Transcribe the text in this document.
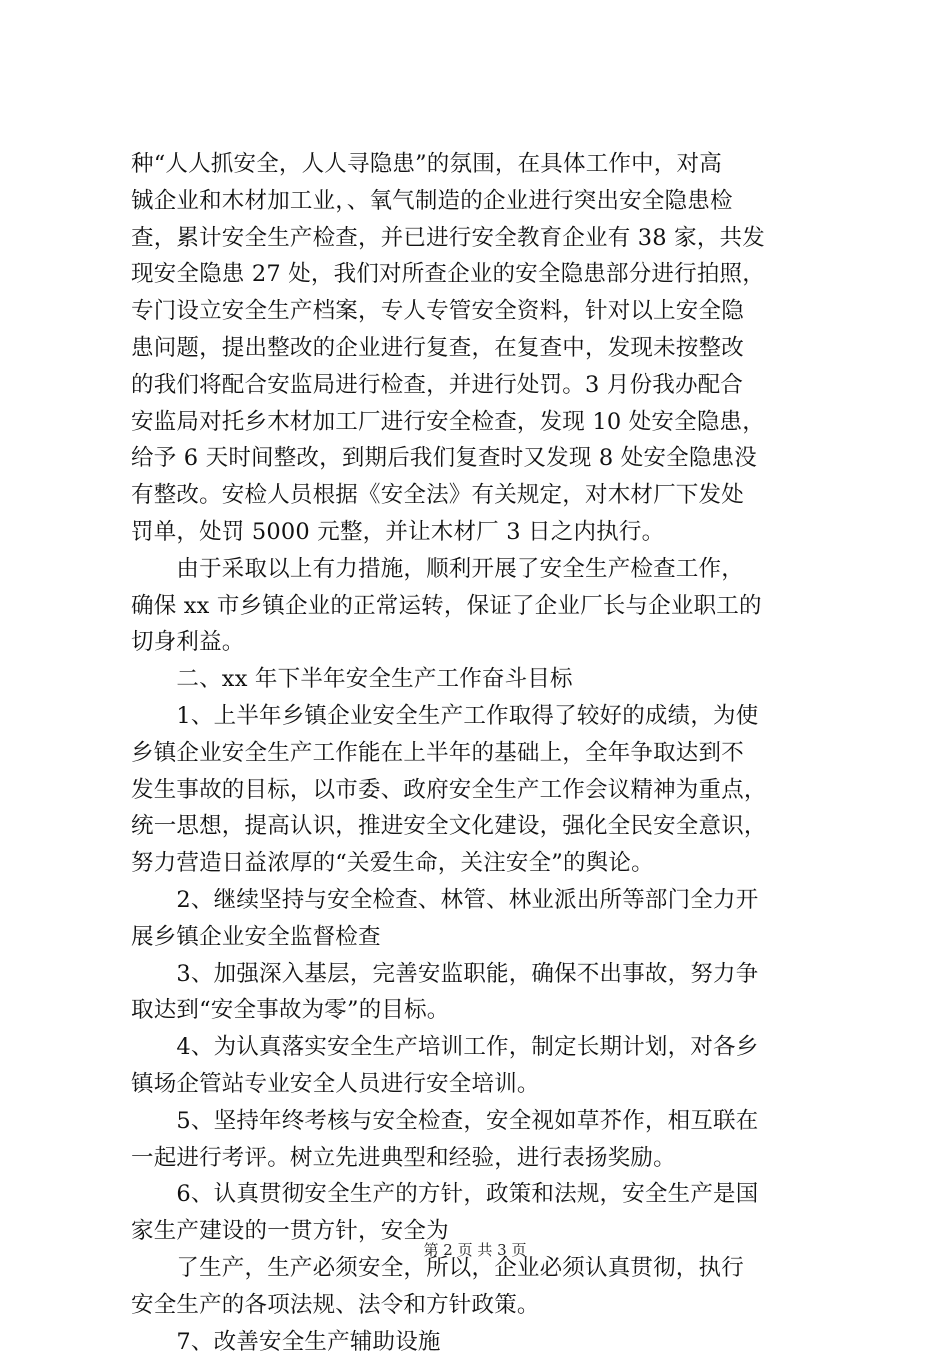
种“人人抓安全，人人寻隐患”的氛围，在具体工作中，对高
铖企业和木材加工业，、氧气制造的企业进行突出安全隐患检
查，累计安全生产检查，并已进行安全教育企业有 38 家，共发
现安全隐患 27 处，我们对所查企业的安全隐患部分进行拍照，
专门设立安全生产档案，专人专管安全资料，针对以上安全隐
患问题，提出整改的企业进行复查，在复查中，发现未按整改
的我们将配合安监局进行检查，并进行处罚。3 月份我办配合
安监局对托乡木材加工厂进行安全检查，发现 10 处安全隐患，
给予 6 天时间整改，到期后我们复查时又发现 8 处安全隐患没
有整改。安检人员根据《安全法》有关规定，对木材厂下发处
罚单，处罚 5000 元整，并让木材厂 3 日之内执行。
　　由于采取以上有力措施，顺利开展了安全生产检查工作，
确保 xx 市乡镇企业的正常运转，保证了企业厂长与企业职工的
切身利益。
　　二、xx 年下半年安全生产工作奋斗目标
　　1、上半年乡镇企业安全生产工作取得了较好的成绩，为使
乡镇企业安全生产工作能在上半年的基础上，全年争取达到不
发生事故的目标，以市委、政府安全生产工作会议精神为重点，
统一思想，提高认识，推进安全文化建设，强化全民安全意识，
努力营造日益浓厚的“关爱生命，关注安全”的舆论。
　　2、继续坚持与安全检查、林管、林业派出所等部门全力开
展乡镇企业安全监督检查
　　3、加强深入基层，完善安监职能，确保不出事故，努力争
取达到“安全事故为零”的目标。
　　4、为认真落实安全生产培训工作，制定长期计划，对各乡
镇场企管站专业安全人员进行安全培训。
　　5、坚持年终考核与安全检查，安全视如草芥作，相互联在
一起进行考评。树立先进典型和经验，进行表扬奖励。
　　6、认真贯彻安全生产的方针，政策和法规，安全生产是国
家生产建设的一贯方针，安全为
　　了生产，生产必须安全，所以，企业必须认真贯彻，执行
安全生产的各项法规、法令和方针政策。
　　7、改善安全生产辅助设施
第 2 页 共 3 页
